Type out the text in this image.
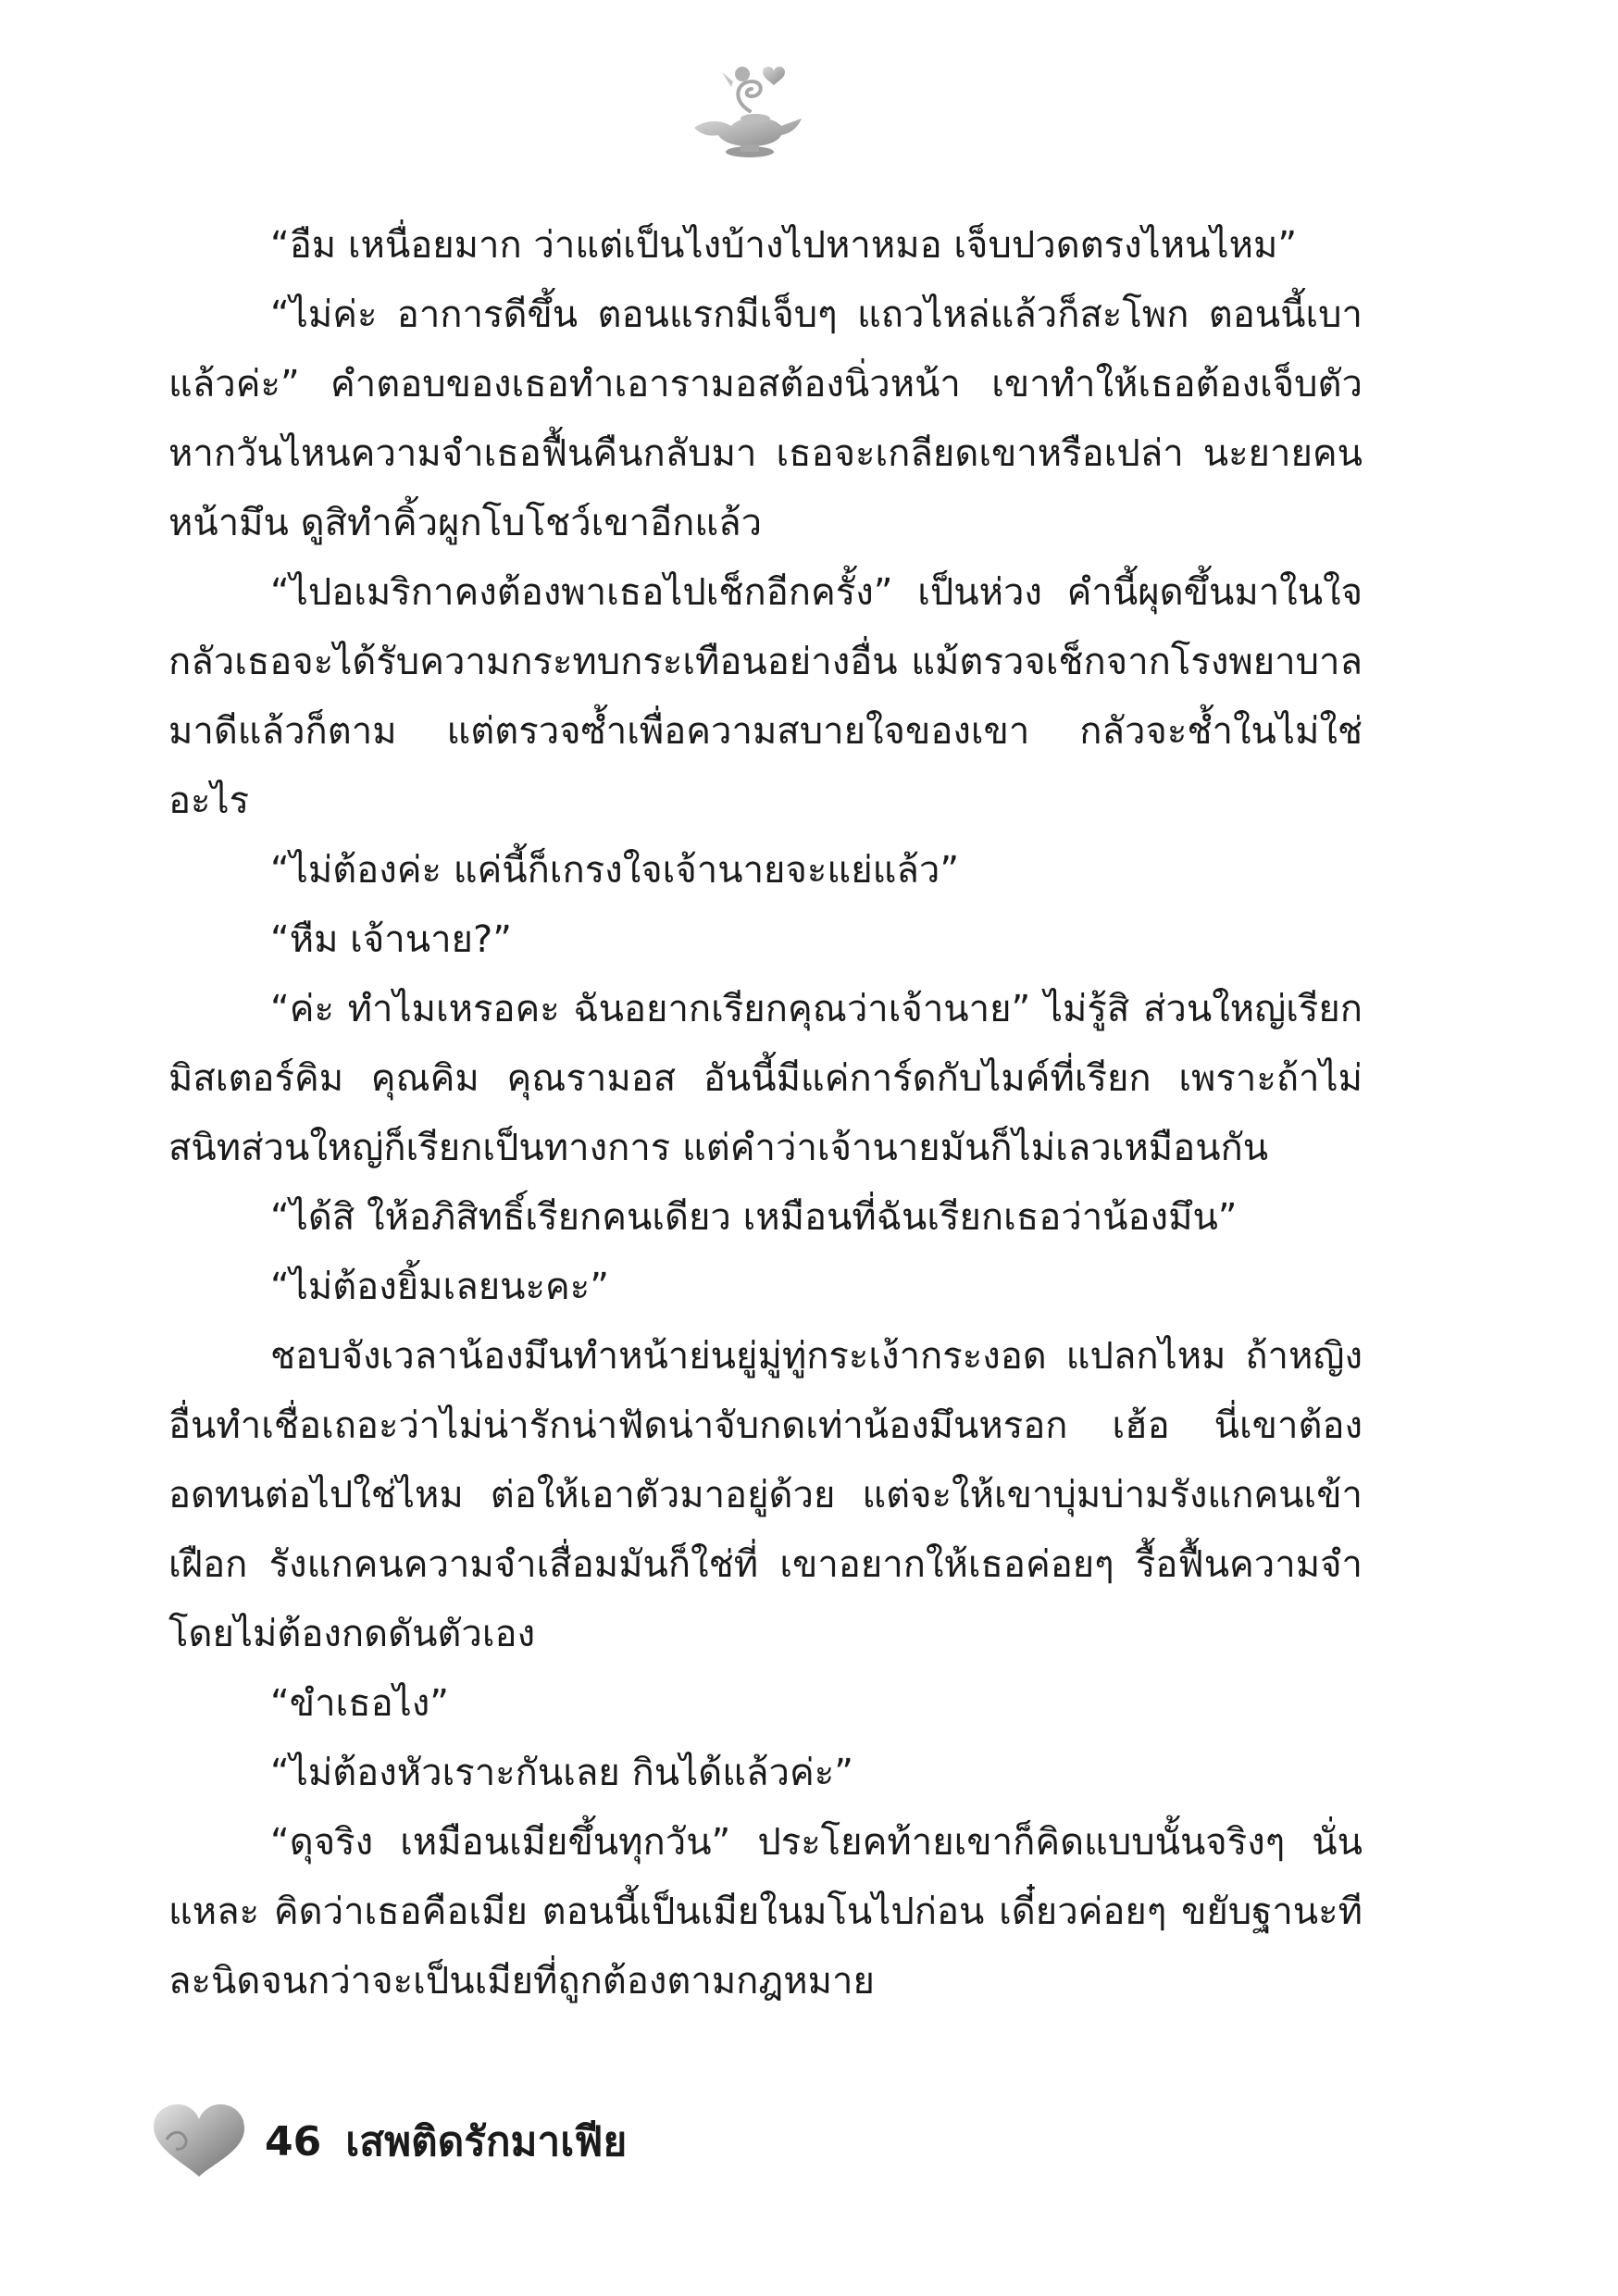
“อืม เหนื่อยมาก ว่าแต่เป็นไงบ้างไปหาหมอ เจ็บปวดตรงไหนไหม”

“ไม่ค่ะ อาการดีขึ้น ตอนแรกมีเจ็บๆ แถวไหล่แล้วก็สะโพก ตอนนี้เบาแล้วค่ะ” คำตอบของเธอทำเอารามอสต้องนิ่วหน้า เขาทำให้เธอต้องเจ็บตัว หากวันไหนความจำเธอฟื้นคืนกลับมา เธอจะเกลียดเขาหรือเปล่า นะยายคนหน้ามึน ดูสิทำคิ้วผูกโบโชว์เขาอีกแล้ว

“ไปอเมริกาคงต้องพาเธอไปเช็กอีกครั้ง” เป็นห่วง คำนี้ผุดขึ้นมาในใจ กลัวเธอจะได้รับความกระทบกระเทือนอย่างอื่น แม้ตรวจเช็กจากโรงพยาบาลมาดีแล้วก็ตาม แต่ตรวจซ้ำเพื่อความสบายใจของเขา กลัวจะช้ำในไม่ใช่อะไร

“ไม่ต้องค่ะ แค่นี้ก็เกรงใจเจ้านายจะแย่แล้ว”

“หืม เจ้านาย?”

“ค่ะ ทำไมเหรอคะ ฉันอยากเรียกคุณว่าเจ้านาย” ไม่รู้สิ ส่วนใหญ่เรียกมิสเตอร์คิม คุณคิม คุณรามอส อันนี้มีแค่การ์ดกับไมค์ที่เรียก เพราะถ้าไม่สนิทส่วนใหญ่ก็เรียกเป็นทางการ แต่คำว่าเจ้านายมันก็ไม่เลวเหมือนกัน

“ได้สิ ให้อภิสิทธิ์เรียกคนเดียว เหมือนที่ฉันเรียกเธอว่าน้องมึน”

“ไม่ต้องยิ้มเลยนะคะ”

ชอบจังเวลาน้องมึนทำหน้าย่นยู่มู่ทู่กระเง้ากระงอด แปลกไหม ถ้าหญิงอื่นทำเชื่อเถอะว่าไม่น่ารักน่าฟัดน่าจับกดเท่าน้องมึนหรอก เฮ้อ นี่เขาต้องอดทนต่อไปใช่ไหม ต่อให้เอาตัวมาอยู่ด้วย แต่จะให้เขาบุ่มบ่ามรังแกคนเข้าเฝือก รังแกคนความจำเสื่อมมันก็ใช่ที่ เขาอยากให้เธอค่อยๆ รื้อฟื้นความจำโดยไม่ต้องกดดันตัวเอง

“ขำเธอไง”

“ไม่ต้องหัวเราะกันเลย กินได้แล้วค่ะ”

“ดุจริง เหมือนเมียขึ้นทุกวัน” ประโยคท้ายเขาก็คิดแบบนั้นจริงๆ นั่นแหละ คิดว่าเธอคือเมีย ตอนนี้เป็นเมียในมโนไปก่อน เดี๋ยวค่อยๆ ขยับฐานะทีละนิดจนกว่าจะเป็นเมียที่ถูกต้องตามกฎหมาย

46 เสพติดรักมาเฟีย
